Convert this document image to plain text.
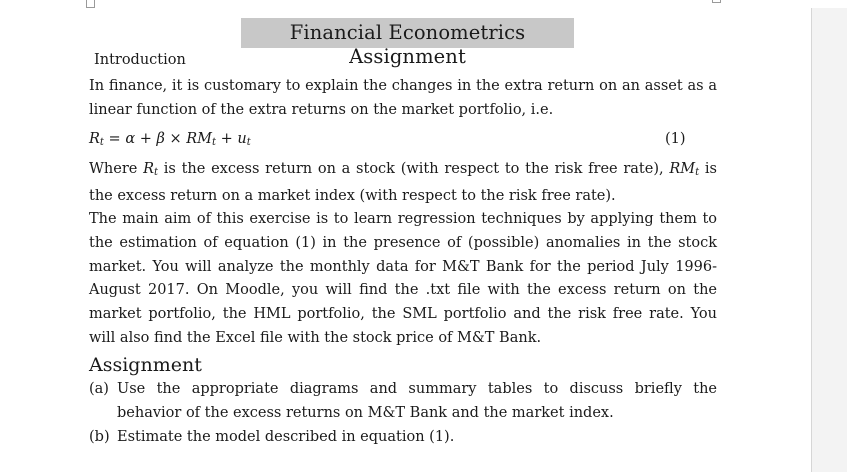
Financial Econometrics Assignment
Introduction

In finance, it is customary to explain the changes in the extra return on an asset as a linear function of the extra returns on the market portfolio, i.e.

$R_t = \alpha + \beta \times RM_t + u_t$	(1)

Where $R_t$ is the excess return on a stock (with respect to the risk free rate), $RM_t$ is the excess return on a market index (with respect to the risk free rate).

The main aim of this exercise is to learn regression techniques by applying them to the estimation of equation (1) in the presence of (possible) anomalies in the stock market. You will analyze the monthly data for M&T Bank for the period July 1996-August 2017. On Moodle, you will find the .txt file with the excess return on the market portfolio, the HML portfolio, the SML portfolio and the risk free rate. You will also find the Excel file with the stock price of M&T Bank.

Assignment
(a) Use the appropriate diagrams and summary tables to discuss briefly the behavior of the excess returns on M&T Bank and the market index.
(b) Estimate the model described in equation (1).
